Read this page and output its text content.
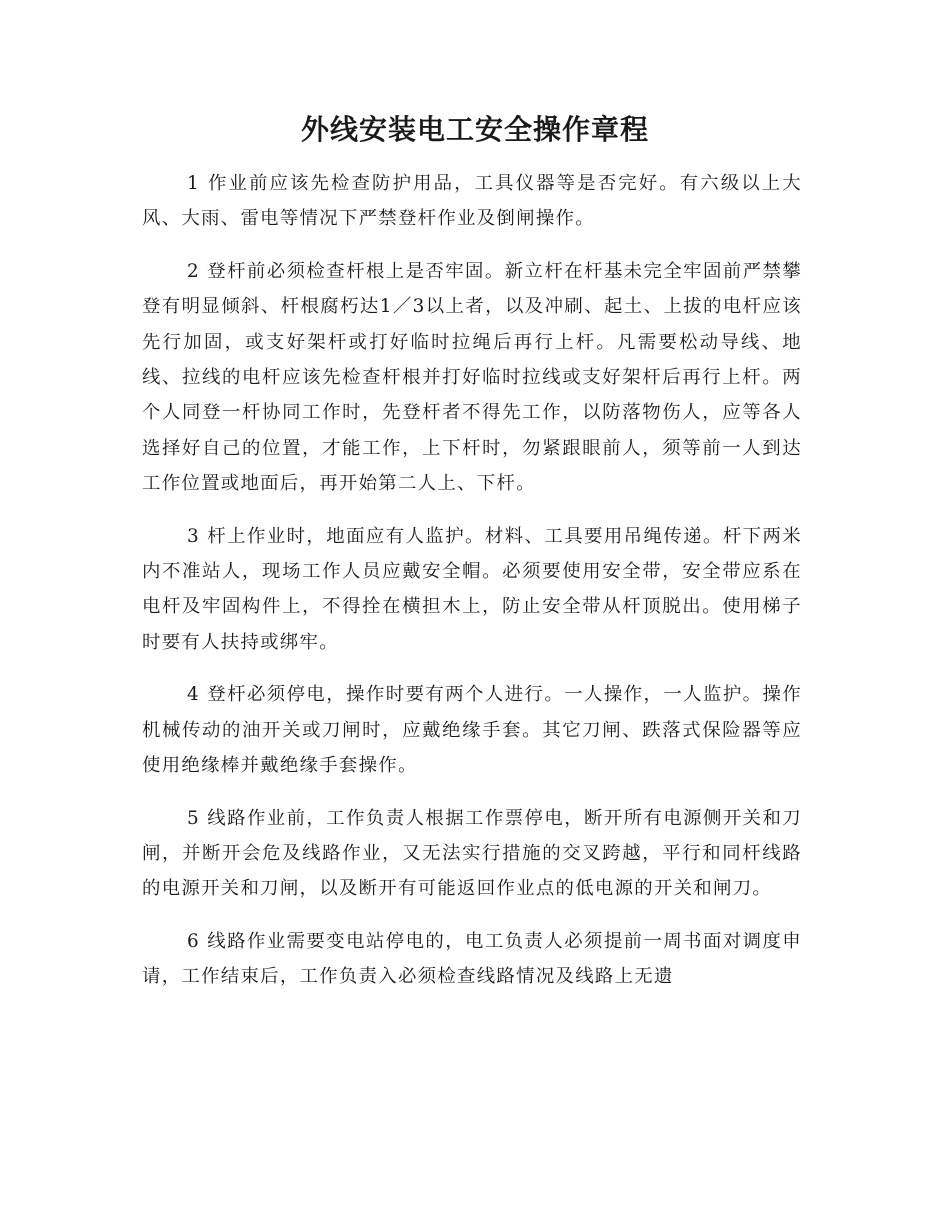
外线安装电工安全操作章程

1 作业前应该先检查防护用品，工具仪器等是否完好。有六级以上大风、大雨、雷电等情况下严禁登杆作业及倒闸操作。

2 登杆前必须检查杆根上是否牢固。新立杆在杆基未完全牢固前严禁攀登有明显倾斜、杆根腐朽达1／3以上者，以及冲刷、起土、上拔的电杆应该先行加固，或支好架杆或打好临时拉绳后再行上杆。凡需要松动导线、地线、拉线的电杆应该先检查杆根并打好临时拉线或支好架杆后再行上杆。两个人同登一杆协同工作时，先登杆者不得先工作，以防落物伤人，应等各人选择好自己的位置，才能工作，上下杆时，勿紧跟眼前人，须等前一人到达工作位置或地面后，再开始第二人上、下杆。

3 杆上作业时，地面应有人监护。材料、工具要用吊绳传递。杆下两米内不准站人，现场工作人员应戴安全帽。必须要使用安全带，安全带应系在电杆及牢固构件上，不得拴在横担木上，防止安全带从杆顶脱出。使用梯子时要有人扶持或绑牢。

4 登杆必须停电，操作时要有两个人进行。一人操作，一人监护。操作机械传动的油开关或刀闸时，应戴绝缘手套。其它刀闸、跌落式保险器等应使用绝缘棒并戴绝缘手套操作。

5 线路作业前，工作负责人根据工作票停电，断开所有电源侧开关和刀闸，并断开会危及线路作业，又无法实行措施的交叉跨越，平行和同杆线路的电源开关和刀闸，以及断开有可能返回作业点的低电源的开关和闸刀。

6 线路作业需要变电站停电的，电工负责人必须提前一周书面对调度申请，工作结束后，工作负责入必须检查线路情况及线路上无遗
